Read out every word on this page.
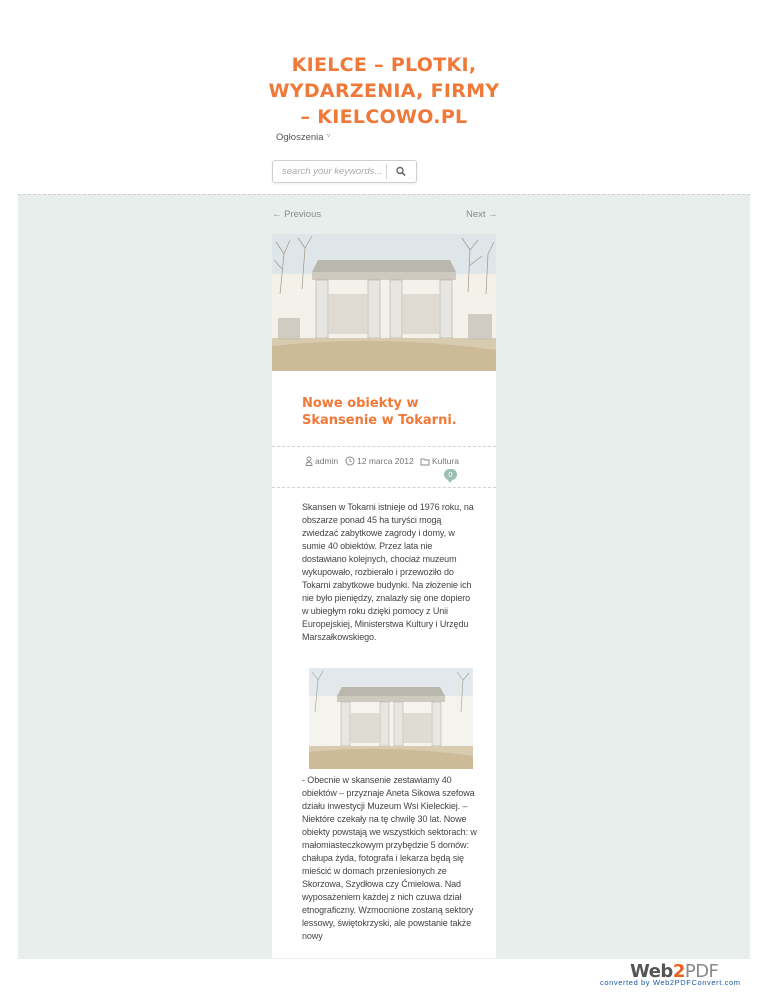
KIELCE – PLOTKI,
WYDARZENIA, FIRMY
– KIELCOWO.PL
Ogłoszenia ˅
search your keywords...
← Previous	Next →
Nowe obiekty w Skansenie w Tokarni.
admin	12 marca 2012	Kultura
0

Skansen w Tokarni istnieje od 1976 roku, na obszarze ponad 45 ha turyści mogą zwiedzać zabytkowe zagrody i domy, w sumie 40 obiektów. Przez lata nie dostawiano kolejnych, chociaż muzeum wykupowało, rozbierało i przewoziło do Tokarni zabytkowe budynki. Na złożenie ich nie było pieniędzy, znalazły się one dopiero w ubiegłym roku dzięki pomocy z Unii Europejskiej, Ministerstwa Kultury i Urzędu Marszałkowskiego.

- Obecnie w skansenie zestawiamy 40 obiektów – przyznaje Aneta Sikowa szefowa działu inwestycji Muzeum Wsi Kieleckiej. – Niektóre czekały na tę chwilę 30 lat. Nowe obiekty powstają we wszystkich sektorach: w małomiasteczkowym przybędzie 5 domów: chałupa żyda, fotografa i lekarza będą się mieścić w domach przeniesionych ze Skorzowa, Szydłowa czy Ćmielowa. Nad wyposażeniem każdej z nich czuwa dział etnograficzny. Wzmocnione zostaną sektory lessowy, świętokrzyski, ale powstanie także nowy

Web2PDF
converted by Web2PDFConvert.com
